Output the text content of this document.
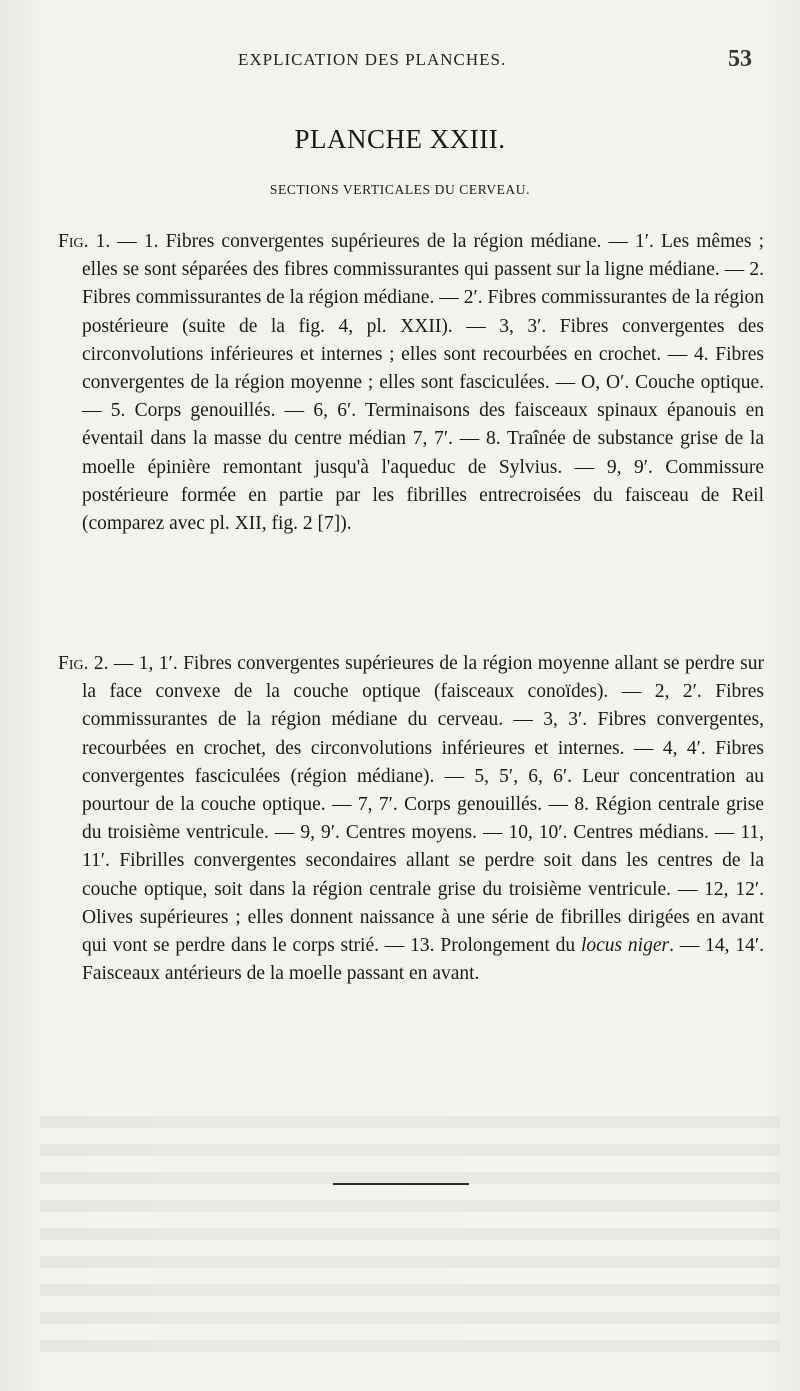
EXPLICATION DES PLANCHES.	53
PLANCHE XXIII.
SECTIONS VERTICALES DU CERVEAU.

Fig. 1. — 1. Fibres convergentes supérieures de la région médiane. — 1′. Les mêmes ; elles se sont séparées des fibres commissurantes qui passent sur la ligne médiane. — 2. Fibres commissurantes de la région médiane. — 2′. Fibres commissurantes de la région postérieure (suite de la fig. 4, pl. XXII). — 3, 3′. Fibres convergentes des circonvolutions inférieures et internes ; elles sont recourbées en crochet. — 4. Fibres convergentes de la région moyenne ; elles sont fasciculées. — O, O′. Couche optique. — 5. Corps genouillés. — 6, 6′. Terminaisons des faisceaux spinaux épanouis en éventail dans la masse du centre médian 7, 7′. — 8. Traînée de substance grise de la moelle épinière remontant jusqu'à l'aqueduc de Sylvius. — 9, 9′. Commissure postérieure formée en partie par les fibrilles entrecroisées du faisceau de Reil (comparez avec pl. XII, fig. 2 [7]).

Fig. 2. — 1, 1′. Fibres convergentes supérieures de la région moyenne allant se perdre sur la face convexe de la couche optique (faisceaux conoïdes). — 2, 2′. Fibres commissurantes de la région médiane du cerveau. — 3, 3′. Fibres convergentes, recourbées en crochet, des circonvolutions inférieures et internes. — 4, 4′. Fibres convergentes fasciculées (région médiane). — 5, 5′, 6, 6′. Leur concentration au pourtour de la couche optique. — 7, 7′. Corps genouillés. — 8. Région centrale grise du troisième ventricule. — 9, 9′. Centres moyens. — 10, 10′. Centres médians. — 11, 11′. Fibrilles convergentes secondaires allant se perdre soit dans les centres de la couche optique, soit dans la région centrale grise du troisième ventricule. — 12, 12′. Olives supérieures ; elles donnent naissance à une série de fibrilles dirigées en avant qui vont se perdre dans le corps strié. — 13. Prolongement du locus niger. — 14, 14′. Faisceaux antérieurs de la moelle passant en avant.
